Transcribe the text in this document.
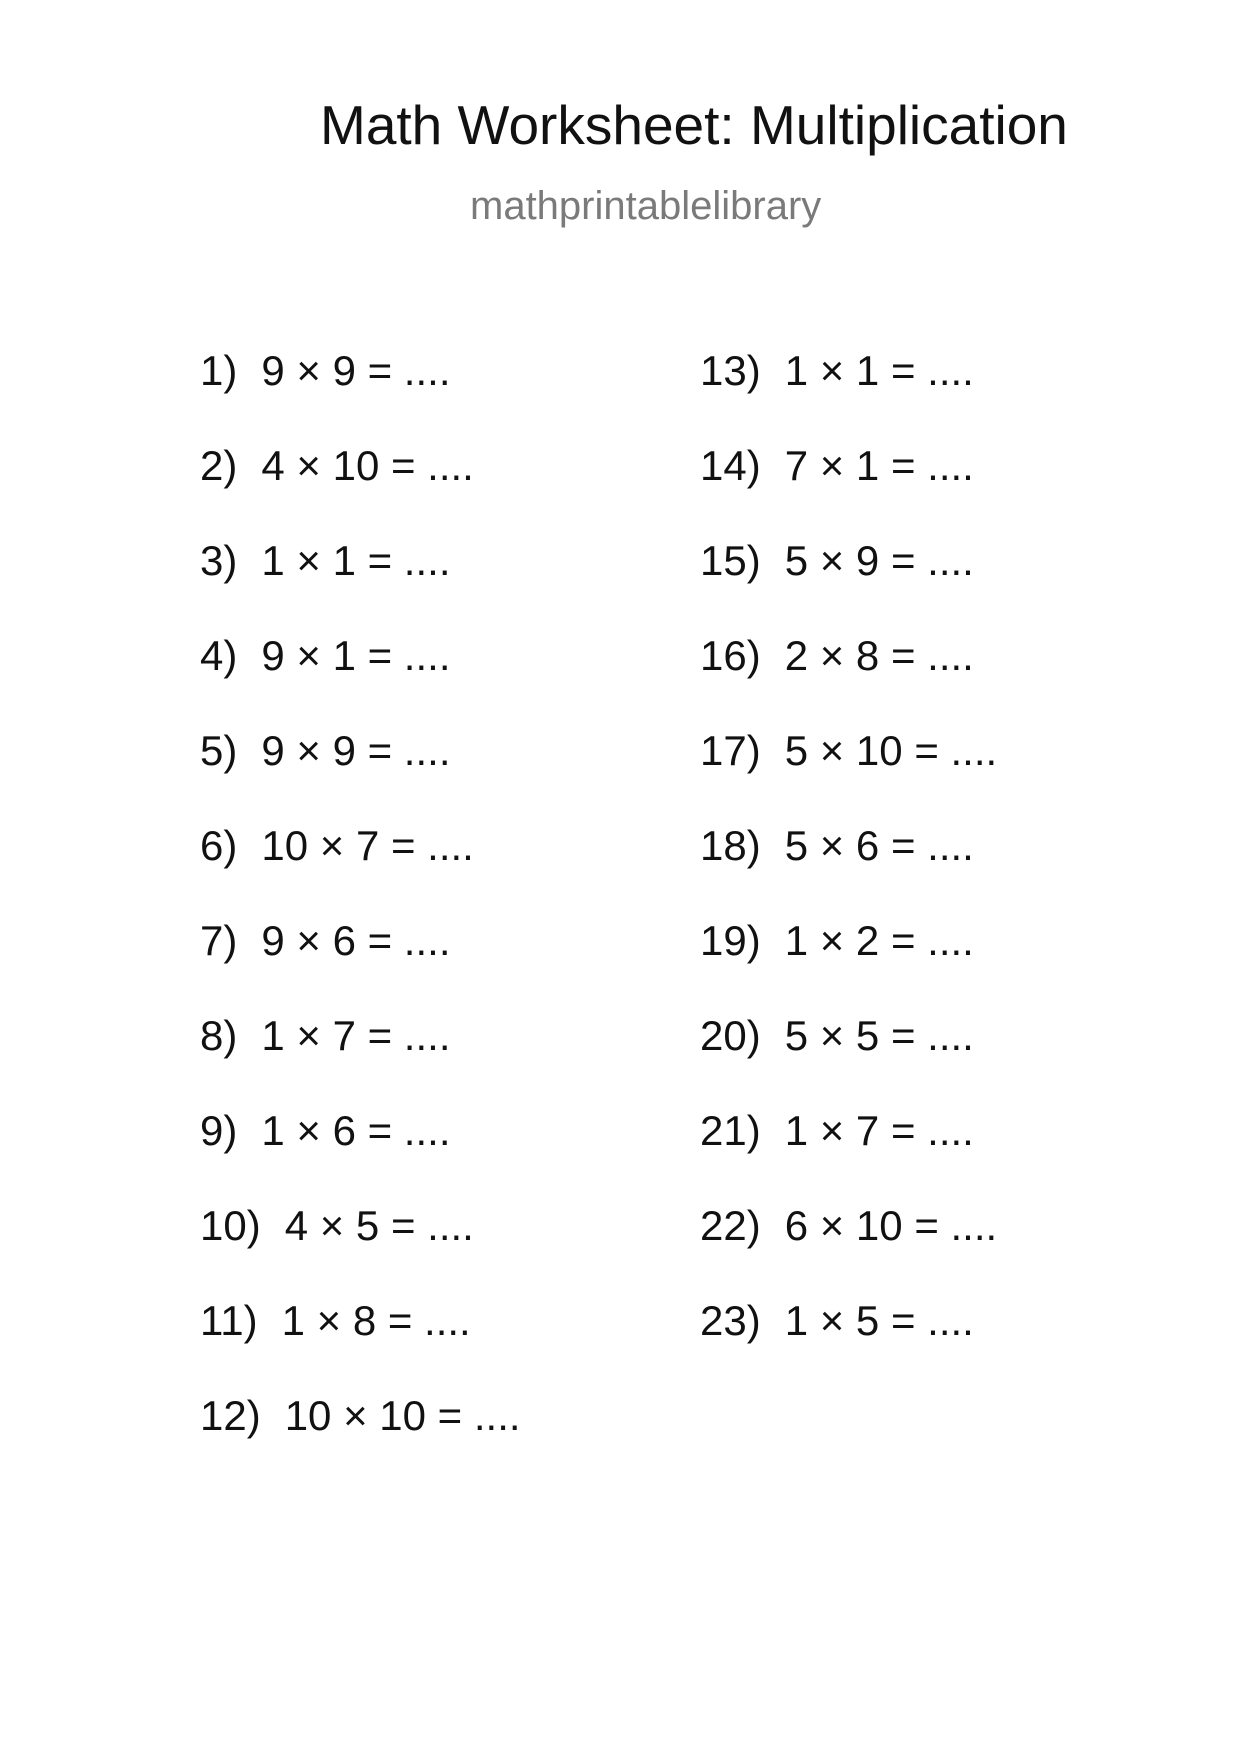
Math Worksheet: Multiplication
mathprintablelibrary
1) 9 × 9 = ....
2) 4 × 10 = ....
3) 1 × 1 = ....
4) 9 × 1 = ....
5) 9 × 9 = ....
6) 10 × 7 = ....
7) 9 × 6 = ....
8) 1 × 7 = ....
9) 1 × 6 = ....
10) 4 × 5 = ....
11) 1 × 8 = ....
12) 10 × 10 = ....
13) 1 × 1 = ....
14) 7 × 1 = ....
15) 5 × 9 = ....
16) 2 × 8 = ....
17) 5 × 10 = ....
18) 5 × 6 = ....
19) 1 × 2 = ....
20) 5 × 5 = ....
21) 1 × 7 = ....
22) 6 × 10 = ....
23) 1 × 5 = ....
